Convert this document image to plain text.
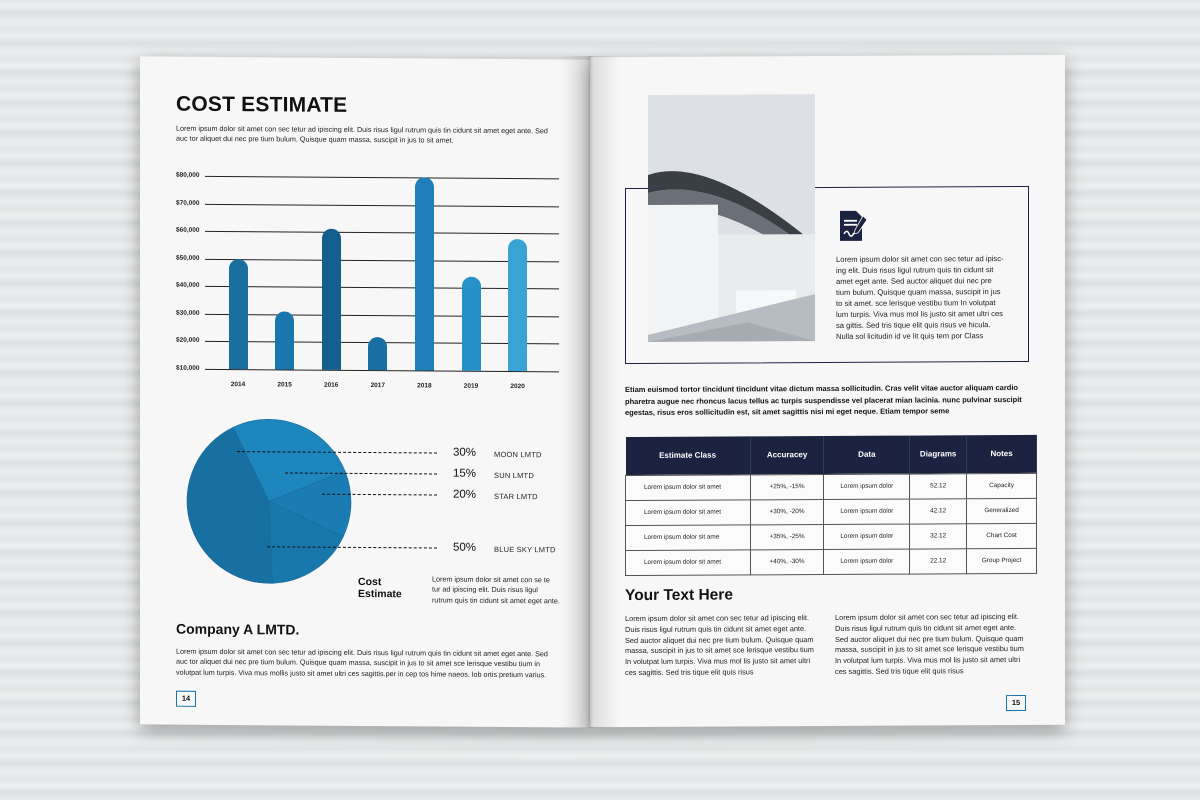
COST ESTIMATE
Lorem ipsum dolor sit amet con sec tetur ad ipiscing elit. Duis risus ligul rutrum quis tin cidunt sit amet eget ante. Sed auc tor aliquet dui nec pre tium bulum. Quisque quam massa, suscipit in jus to sit amet.
$10,000
$20,000
$30,000
$40,000
$50,000
$60,000
$70,000
$80,000
2014	2015	2016	2017	2018	2019	2020
30% MOON LMTD
15% SUN LMTD
20% STAR LMTD
50% BLUE SKY LMTD
Cost
Estimate
Lorem ipsum dolor sit amet con se te tur ad ipiscing elit. Duis risus ligul rutrum quis tin cidunt sit amet eget ante.
Company A LMTD.
Lorem ipsum dolor sit amet con sec tetur ad ipiscing elit. Duis risus ligul rutrum quis tin cidunt sit amet eget ante. Sed auc tor aliquet dui nec pre tium bulum. Quisque quam massa, suscipit in jus to sit amet sce lerisque vestibu tium in volutpat lum turpis. Viva mus mollis justo sit amet ultri ces sagittis.per in cep tos hime naeos. lob ortis pretium varius.
14
Lorem ipsum dolor sit amet con sec tetur ad ipisc-ing elit. Duis risus ligul rutrum quis tin cidunt sit amet eget ante. Sed auctor aliquet dui nec pre tium bulum. Quisque quam massa, suscipit in jus to sit amet. sce lerisque vestibu tium In volutpat lum turpis. Viva mus mol lis justo sit amet ultri ces sa gittis. Sed tris tique elit quis risus ve hicula. Nulla sol licitudin id ve lit quis tem por Class
Etiam euismod tortor tincidunt tincidunt vitae dictum massa sollicitudin. Cras velit vitae auctor aliquam cardio pharetra augue nec rhoncus lacus tellus ac turpis suspendisse vel placerat mian lacinia. nunc pulvinar suscipit egestas, risus eros sollicitudin est, sit amet sagittis nisi mi eget neque. Etiam tempor seme
Estimate Class	Accuracey	Data	Diagrams	Notes
Lorem ipsum dolor sit amet	+25%, -15%	Lorem ipsum dolor	52.12	Capacity
Lorem ipsum dolor sit amet	+30%, -20%	Lorem ipsum dolor	42.12	Generalized
Lorem ipsum dolor sit ame	+35%, -25%	Lorem ipsum dolor	32.12	Chart Cost
Lorem ipsum dolor sit amet	+40%, -30%	Lorem ipsum dolor	22.12	Group Project
Your Text Here
Lorem ipsum dolor sit amet con sec tetur ad ipiscing elit. Duis risus ligul rutrum quis tin cidunt sit amet eget ante. Sed auctor aliquet dui nec pre tium bulum. Quisque quam massa, suscipit in jus to sit amet sce lerisque vestibu tium In volutpat lum turpis. Viva mus mol lis justo sit amet ultri ces sagittis. Sed tris tique elit quis risus
Lorem ipsum dolor sit amet con sec tetur ad ipiscing elit. Duis risus ligul rutrum quis tin cidunt sit amet eget ante. Sed auctor aliquet dui nec pre tium bulum. Quisque quam massa, suscipit in jus to sit amet sce lerisque vestibu tium In volutpat lum turpis. Viva mus mol lis justo sit amet ultri ces sagittis. Sed tris tique elit quis risus
15
